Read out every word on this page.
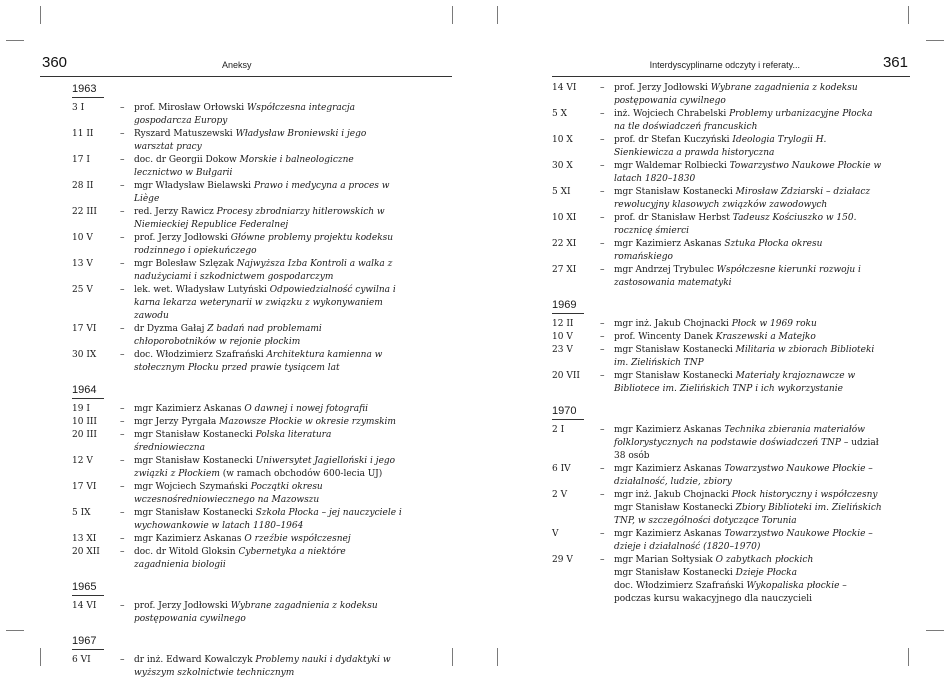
360	Aneksy	Interdyscyplinarne odczyty i referaty...	361
1963
3 I	–	prof. Mirosław Orłowski Współczesna integracja gospodarcza Europy
11 II	–	Ryszard Matuszewski Władysław Broniewski i jego warsztat pracy
17 I	–	doc. dr Georgii Dokow Morskie i balneologiczne lecznictwo w Bułgarii
28 II	–	mgr Władysław Bielawski Prawo i medycyna a proces w Liège
22 III	–	red. Jerzy Rawicz Procesy zbrodniarzy hitlerowskich w Niemieckiej Republice Federalnej
10 V	–	prof. Jerzy Jodłowski Główne problemy projektu kodeksu rodzinnego i opiekuńczego
13 V	–	mgr Bolesław Szlęzak Najwyższa Izba Kontroli a walka z nadużyciami i szkodnictwem gospodarczym
25 V	–	lek. wet. Władysław Lutyński Odpowiedzialność cywilna i karna lekarza weterynarii w związku z wykonywaniem zawodu
17 VI	–	dr Dyzma Gałaj Z badań nad problemami chłoporobotników w rejonie płockim
30 IX	–	doc. Włodzimierz Szafrański Architektura kamienna w stołecznym Płocku przed prawie tysiącem lat
1964
19 I	–	mgr Kazimierz Askanas O dawnej i nowej fotografii
10 III	–	mgr Jerzy Pyrgała Mazowsze Płockie w okresie rzymskim
20 III	–	mgr Stanisław Kostanecki Polska literatura średniowieczna
12 V	–	mgr Stanisław Kostanecki Uniwersytet Jagielloński i jego związki z Płockiem (w ramach obchodów 600-lecia UJ)
17 VI	–	mgr Wojciech Szymański Początki okresu wczesnośredniowiecznego na Mazowszu
5 IX	–	mgr Stanisław Kostanecki Szkoła Płocka – jej nauczyciele i wychowankowie w latach 1180–1964
13 XI	–	mgr Kazimierz Askanas O rzeźbie współczesnej
20 XII	–	doc. dr Witold Gloksin Cybernetyka a niektóre zagadnienia biologii
1965
14 VI	–	prof. Jerzy Jodłowski Wybrane zagadnienia z kodeksu postępowania cywilnego
1967
6 VI	–	dr inż. Edward Kowalczyk Problemy nauki i dydaktyki w wyższym szkolnictwie technicznym
14 VI	–	prof. Jerzy Jodłowski Wybrane zagadnienia z kodeksu postępowania cywilnego
5 X	–	inż. Wojciech Chrabelski Problemy urbanizacyjne Płocka na tle doświadczeń francuskich
10 X	–	prof. dr Stefan Kuczyński Ideologia Trylogii H. Sienkiewicza a prawda historyczna
30 X	–	mgr Waldemar Rolbiecki Towarzystwo Naukowe Płockie w latach 1820–1830
5 XI	–	mgr Stanisław Kostanecki Mirosław Zdziarski – działacz rewolucyjny klasowych związków zawodowych
10 XI	–	prof. dr Stanisław Herbst Tadeusz Kościuszko w 150. rocznicę śmierci
22 XI	–	mgr Kazimierz Askanas Sztuka Płocka okresu romańskiego
27 XI	–	mgr Andrzej Trybulec Współczesne kierunki rozwoju i zastosowania matematyki
1969
12 II	–	mgr inż. Jakub Chojnacki Płock w 1969 roku
10 V	–	prof. Wincenty Danek Kraszewski a Matejko
23 V	–	mgr Stanisław Kostanecki Militaria w zbiorach Biblioteki im. Zielińskich TNP
20 VII	–	mgr Stanisław Kostanecki Materiały krajoznawcze w Bibliotece im. Zielińskich TNP i ich wykorzystanie
1970
2 I	–	mgr Kazimierz Askanas Technika zbierania materiałów folklorystycznych na podstawie doświadczeń TNP – udział 38 osób
6 IV	–	mgr Kazimierz Askanas Towarzystwo Naukowe Płockie – działalność, ludzie, zbiory
2 V	–	mgr inż. Jakub Chojnacki Płock historyczny i współczesny
mgr Stanisław Kostanecki Zbiory Biblioteki im. Zielińskich TNP, w szczególności dotyczące Torunia
V	–	mgr Kazimierz Askanas Towarzystwo Naukowe Płockie – dzieje i działalność (1820–1970)
29 V	–	mgr Marian Sołtysiak O zabytkach płockich
mgr Stanisław Kostanecki Dzieje Płocka
doc. Włodzimierz Szafrański Wykopaliska płockie – podczas kursu wakacyjnego dla nauczycieli
